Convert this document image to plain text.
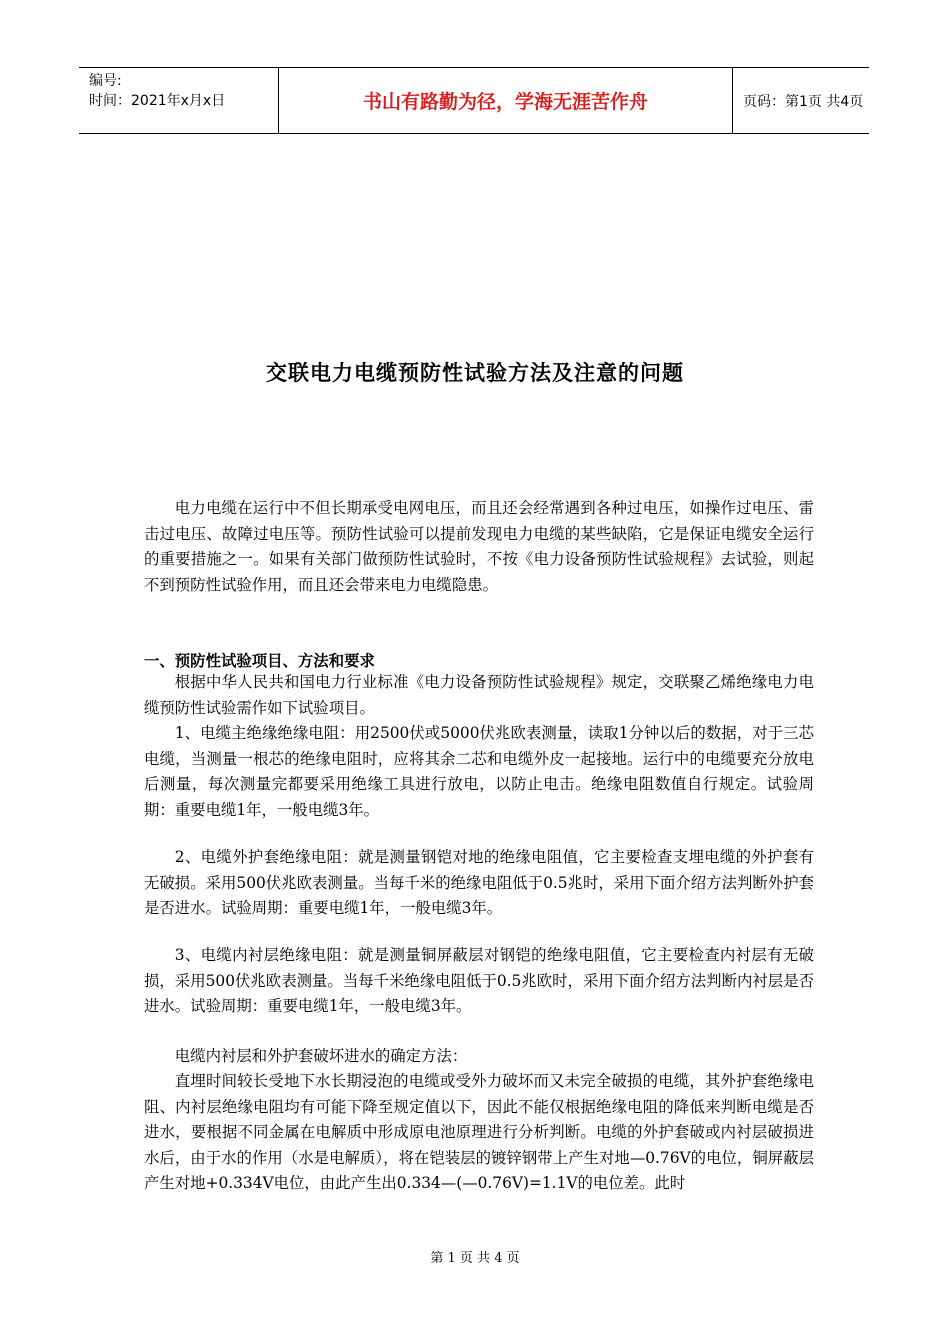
编号:
时间：2021年x月x日	书山有路勤为径，学海无涯苦作舟	页码：第1页 共4页
交联电力电缆预防性试验方法及注意的问题
电力电缆在运行中不但长期承受电网电压，而且还会经常遇到各种过电压，如操作过电压、雷击过电压、故障过电压等。预防性试验可以提前发现电力电缆的某些缺陷，它是保证电缆安全运行的重要措施之一。如果有关部门做预防性试验时，不按《电力设备预防性试验规程》去试验，则起不到预防性试验作用，而且还会带来电力电缆隐患。
一、预防性试验项目、方法和要求
根据中华人民共和国电力行业标准《电力设备预防性试验规程》规定，交联聚乙烯绝缘电力电缆预防性试验需作如下试验项目。
1、电缆主绝缘绝缘电阻：用2500伏或5000伏兆欧表测量，读取1分钟以后的数据，对于三芯电缆，当测量一根芯的绝缘电阻时，应将其余二芯和电缆外皮一起接地。运行中的电缆要充分放电后测量，每次测量完都要采用绝缘工具进行放电，以防止电击。绝缘电阻数值自行规定。试验周期：重要电缆1年，一般电缆3年。
2、电缆外护套绝缘电阻：就是测量钢铠对地的绝缘电阻值，它主要检查支埋电缆的外护套有无破损。采用500伏兆欧表测量。当每千米的绝缘电阻低于0.5兆时，采用下面介绍方法判断外护套是否进水。试验周期：重要电缆1年，一般电缆3年。
3、电缆内衬层绝缘电阻：就是测量铜屏蔽层对钢铠的绝缘电阻值，它主要检查内衬层有无破损，采用500伏兆欧表测量。当每千米绝缘电阻低于0.5兆欧时，采用下面介绍方法判断内衬层是否进水。试验周期：重要电缆1年，一般电缆3年。
电缆内衬层和外护套破坏进水的确定方法：
直埋时间较长受地下水长期浸泡的电缆或受外力破坏而又未完全破损的电缆，其外护套绝缘电阻、内衬层绝缘电阻均有可能下降至规定值以下，因此不能仅根据绝缘电阻的降低来判断电缆是否进水，要根据不同金属在电解质中形成原电池原理进行分析判断。电缆的外护套破或内衬层破损进水后，由于水的作用（水是电解质），将在铠装层的镀锌钢带上产生对地—0.76V的电位，铜屏蔽层产生对地+0.334V电位，由此产生出0.334—(—0.76V)=1.1V的电位差。此时
第 1 页 共 4 页
